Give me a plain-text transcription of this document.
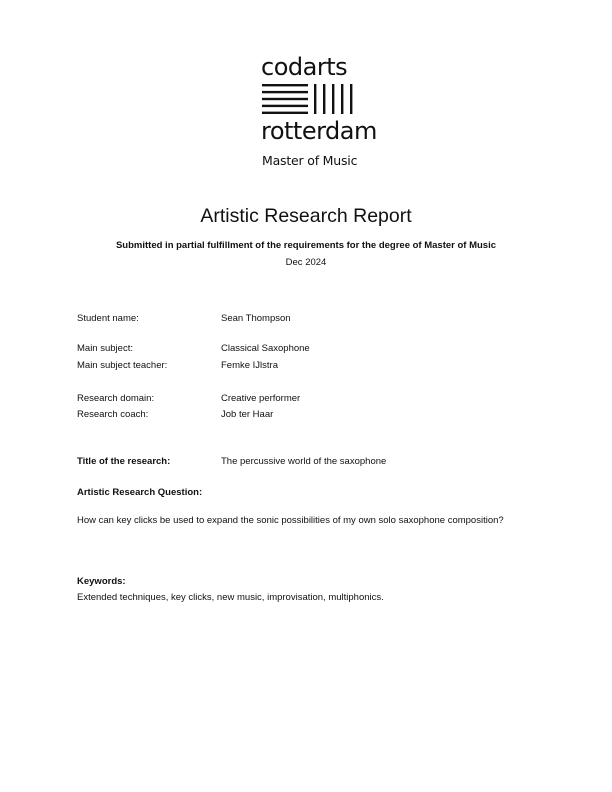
codarts
rotterdam
Master of Music
Artistic Research Report
Submitted in partial fulfillment of the requirements for the degree of Master of Music
Dec 2024
Student name:	Sean Thompson
Main subject:	Classical Saxophone
Main subject teacher:	Femke IJlstra
Research domain:	Creative performer
Research coach:	Job ter Haar
Title of the research:	The percussive world of the saxophone
Artistic Research Question:
How can key clicks be used to expand the sonic possibilities of my own solo saxophone composition?
Keywords:
Extended techniques, key clicks, new music, improvisation, multiphonics.
